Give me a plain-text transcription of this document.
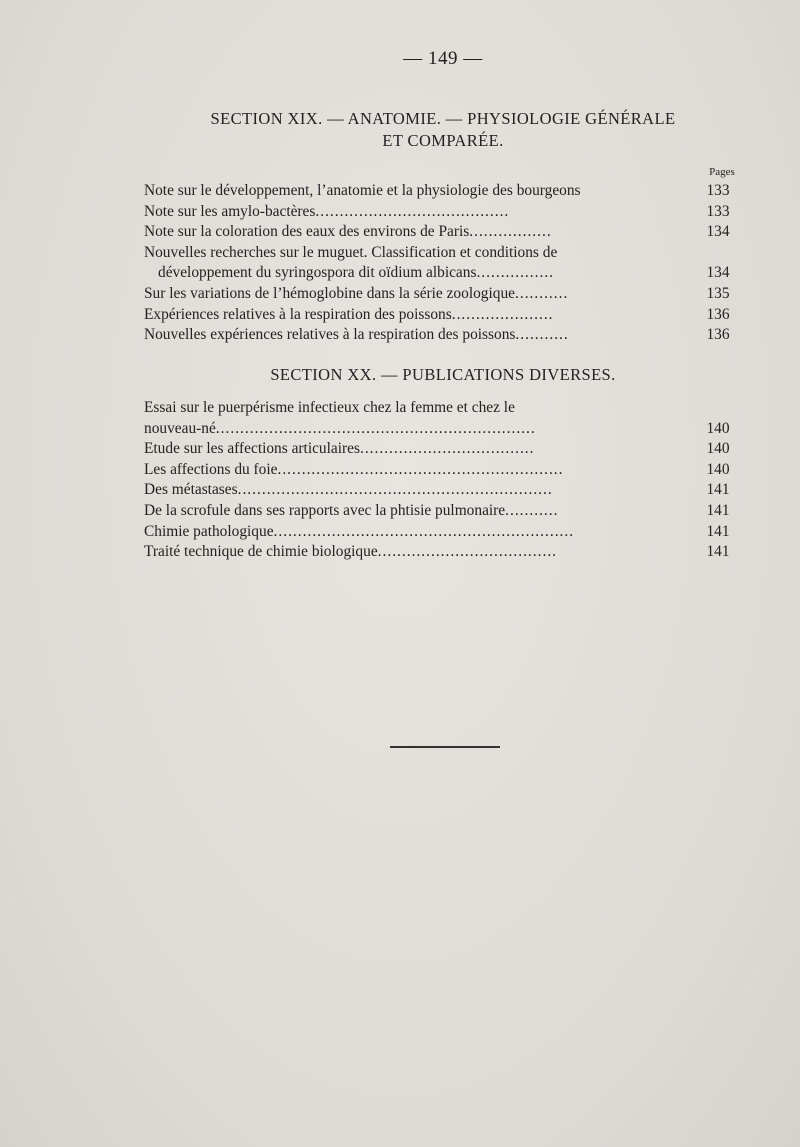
— 149 —
SECTION XIX. — ANATOMIE. — PHYSIOLOGIE GÉNÉRALE
ET COMPARÉE.
Pages
Note sur le développement, l’anatomie et la physiologie des bourgeons	133
Note sur les amylo-bactères........................................	133
Note sur la coloration des eaux des environs de Paris.................	134
Nouvelles recherches sur le muguet. Classification et conditions de
développement du syringospora dit oïdium albicans................	134
Sur les variations de l’hémoglobine dans la série zoologique...........	135
Expériences relatives à la respiration des poissons.....................	136
Nouvelles expériences relatives à la respiration des poissons...........	136
SECTION XX. — PUBLICATIONS DIVERSES.
Essai sur le puerpérisme infectieux chez la femme et chez le
nouveau-né..................................................................	140
Etude sur les affections articulaires....................................	140
Les affections du foie...........................................................	140
Des métastases.................................................................	141
De la scrofule dans ses rapports avec la phtisie pulmonaire...........	141
Chimie pathologique..............................................................	141
Traité technique de chimie biologique.....................................	141
